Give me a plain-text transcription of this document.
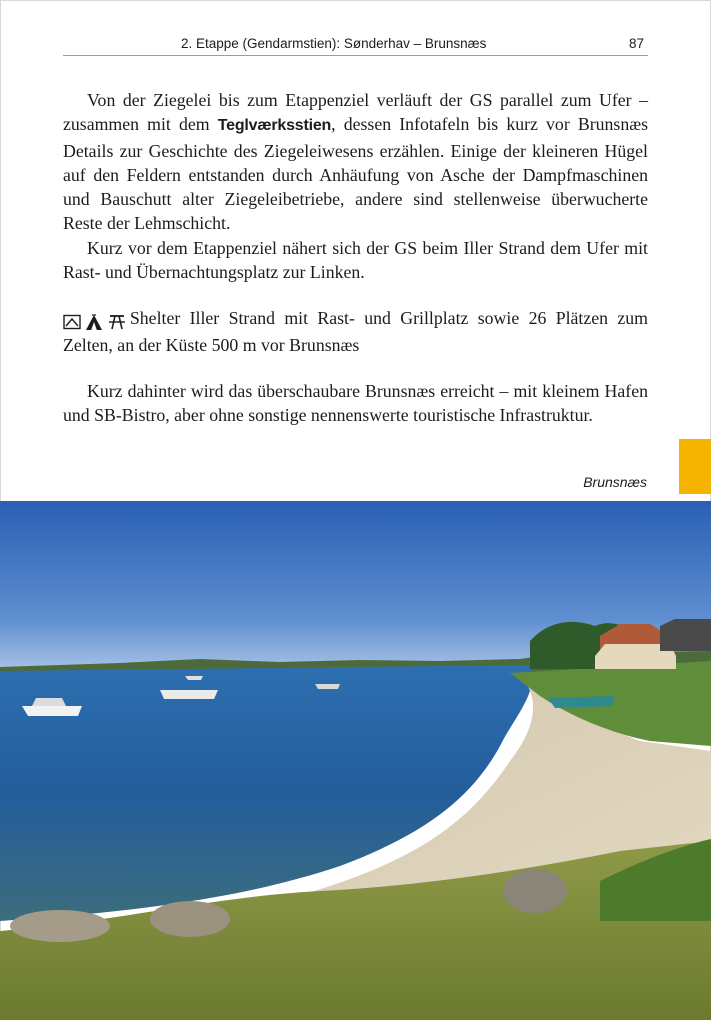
2. Etappe (Gendarmstien): Sønderhav – Brunsnæs	87

Von der Ziegelei bis zum Etappenziel verläuft der GS parallel zum Ufer – zusammen mit dem Teglværksstien, dessen Infotafeln bis kurz vor Brunsnæs Details zur Geschichte des Ziegeleiwesens erzählen. Einige der kleineren Hügel auf den Feldern entstanden durch Anhäufung von Asche der Dampfmaschinen und Bauschutt alter Ziegeleibetriebe, andere sind stellenweise überwucherte Reste der Lehmschicht.

Kurz vor dem Etappenziel nähert sich der GS beim Iller Strand dem Ufer mit Rast- und Übernachtungsplatz zur Linken.

Shelter Iller Strand mit Rast- und Grillplatz sowie 26 Plätzen zum Zelten, an der Küste 500 m vor Brunsnæs

Kurz dahinter wird das überschaubare Brunsnæs erreicht – mit kleinem Hafen und SB-Bistro, aber ohne sonstige nennenswerte touristische Infrastruktur.

Brunsnæs
